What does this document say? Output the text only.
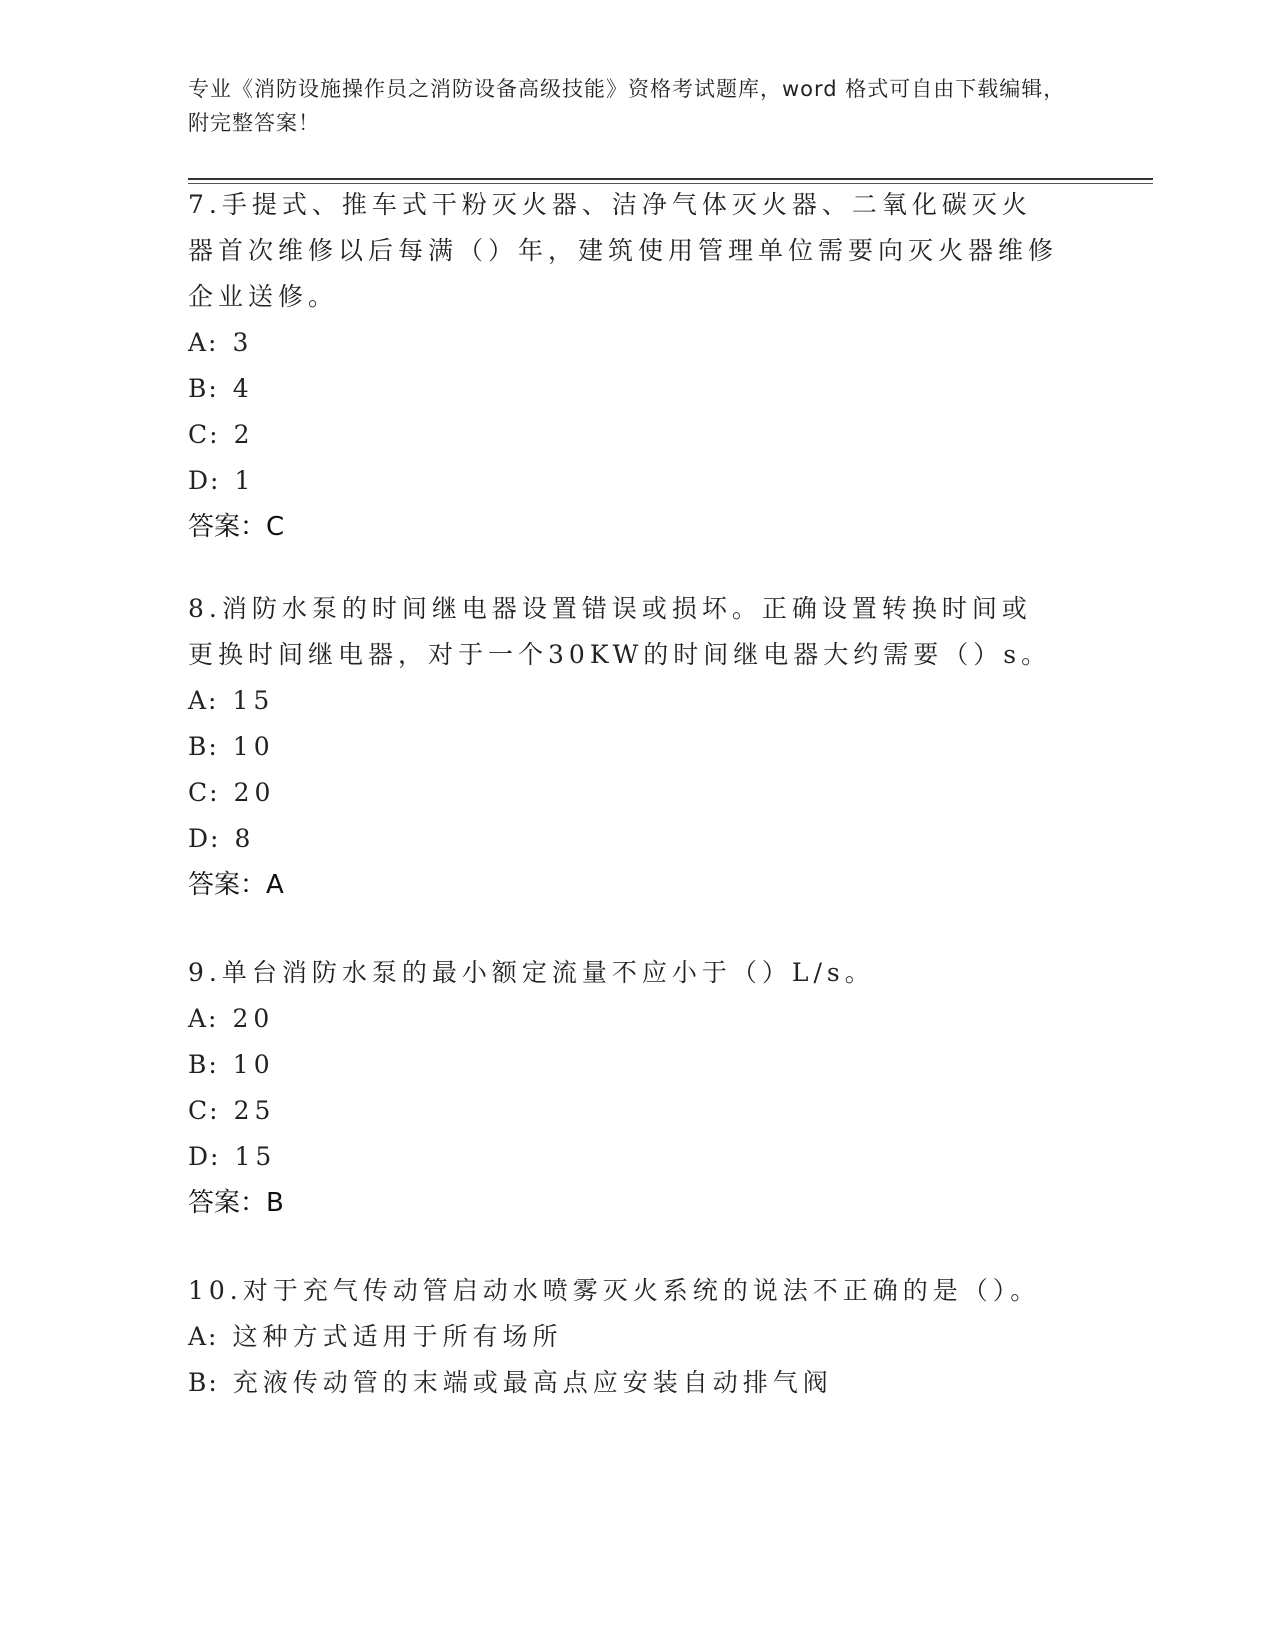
专业《消防设施操作员之消防设备高级技能》资格考试题库，word 格式可自由下载编辑，附完整答案！

7.手提式、推车式干粉灭火器、洁净气体灭火器、二氧化碳灭火器首次维修以后每满（）年，建筑使用管理单位需要向灭火器维修企业送修。

A: 3

B: 4

C: 2

D: 1

答案：C

8.消防水泵的时间继电器设置错误或损坏。正确设置转换时间或更换时间继电器，对于一个30KW的时间继电器大约需要（）s。

A: 15

B: 10

C: 20

D: 8

答案：A

9.单台消防水泵的最小额定流量不应小于（）L/s。

A: 20

B: 10

C: 25

D: 15

答案：B

10.对于充气传动管启动水喷雾灭火系统的说法不正确的是（）。

A: 这种方式适用于所有场所

B: 充液传动管的末端或最高点应安装自动排气阀
